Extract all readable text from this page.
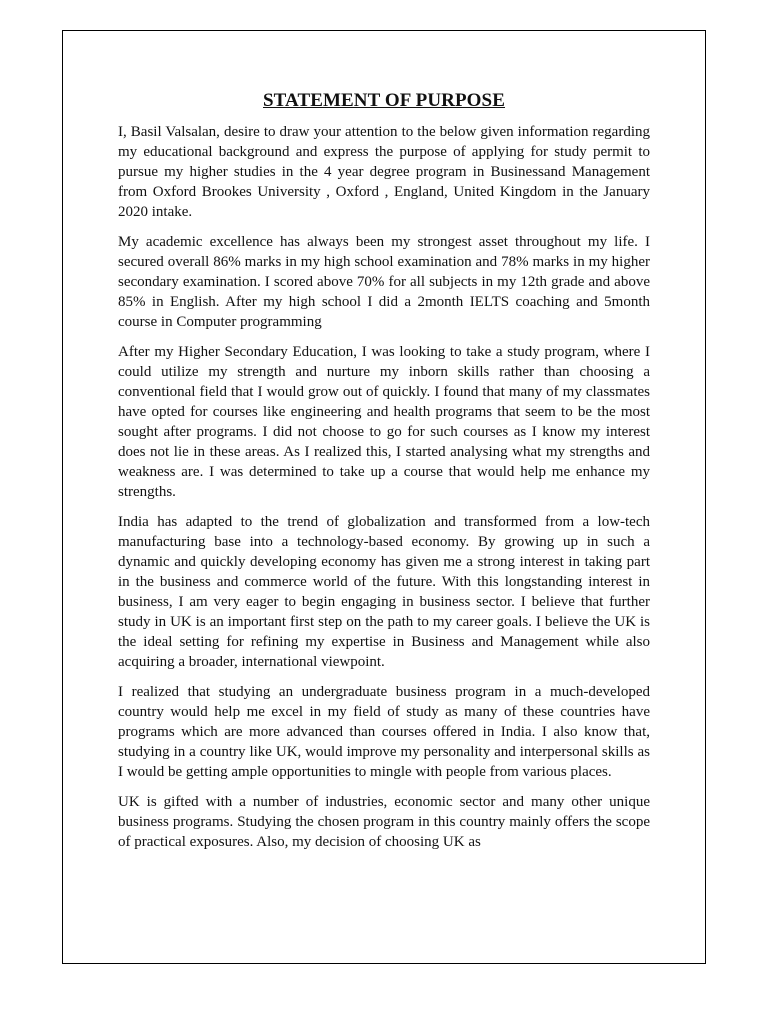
STATEMENT OF PURPOSE

I, Basil Valsalan, desire to draw your attention to the below given information regarding my educational background and express the purpose of applying for study permit to pursue my higher studies in the 4 year degree program in Businessand Management from Oxford Brookes University , Oxford , England, United Kingdom in the January 2020 intake.

My academic excellence has always been my strongest asset throughout my life. I secured overall 86% marks in my high school examination and 78% marks in my higher secondary examination. I scored above 70% for all subjects in my 12th grade and above 85% in English. After my high school I did a 2month IELTS coaching and 5month course in Computer programming

After my Higher Secondary Education, I was looking to take a study program, where I could utilize my strength and nurture my inborn skills rather than choosing a conventional field that I would grow out of quickly. I found that many of my classmates have opted for courses like engineering and health programs that seem to be the most sought after programs. I did not choose to go for such courses as I know my interest does not lie in these areas. As I realized this, I started analysing what my strengths and weakness are. I was determined to take up a course that would help me enhance my strengths.

India has adapted to the trend of globalization and transformed from a low-tech manufacturing base into a technology-based economy. By growing up in such a dynamic and quickly developing economy has given me a strong interest in taking part in the business and commerce world of the future. With this longstanding interest in business, I am very eager to begin engaging in business sector. I believe that further study in UK is an important first step on the path to my career goals. I believe the UK is the ideal setting for refining my expertise in Business and Management while also acquiring a broader, international viewpoint.

I realized that studying an undergraduate business program in a much-developed country would help me excel in my field of study as many of these countries have programs which are more advanced than courses offered in India. I also know that, studying in a country like UK, would improve my personality and interpersonal skills as I would be getting ample opportunities to mingle with people from various places.

UK is gifted with a number of industries, economic sector and many other unique business programs. Studying the chosen program in this country mainly offers the scope of practical exposures. Also, my decision of choosing UK as
